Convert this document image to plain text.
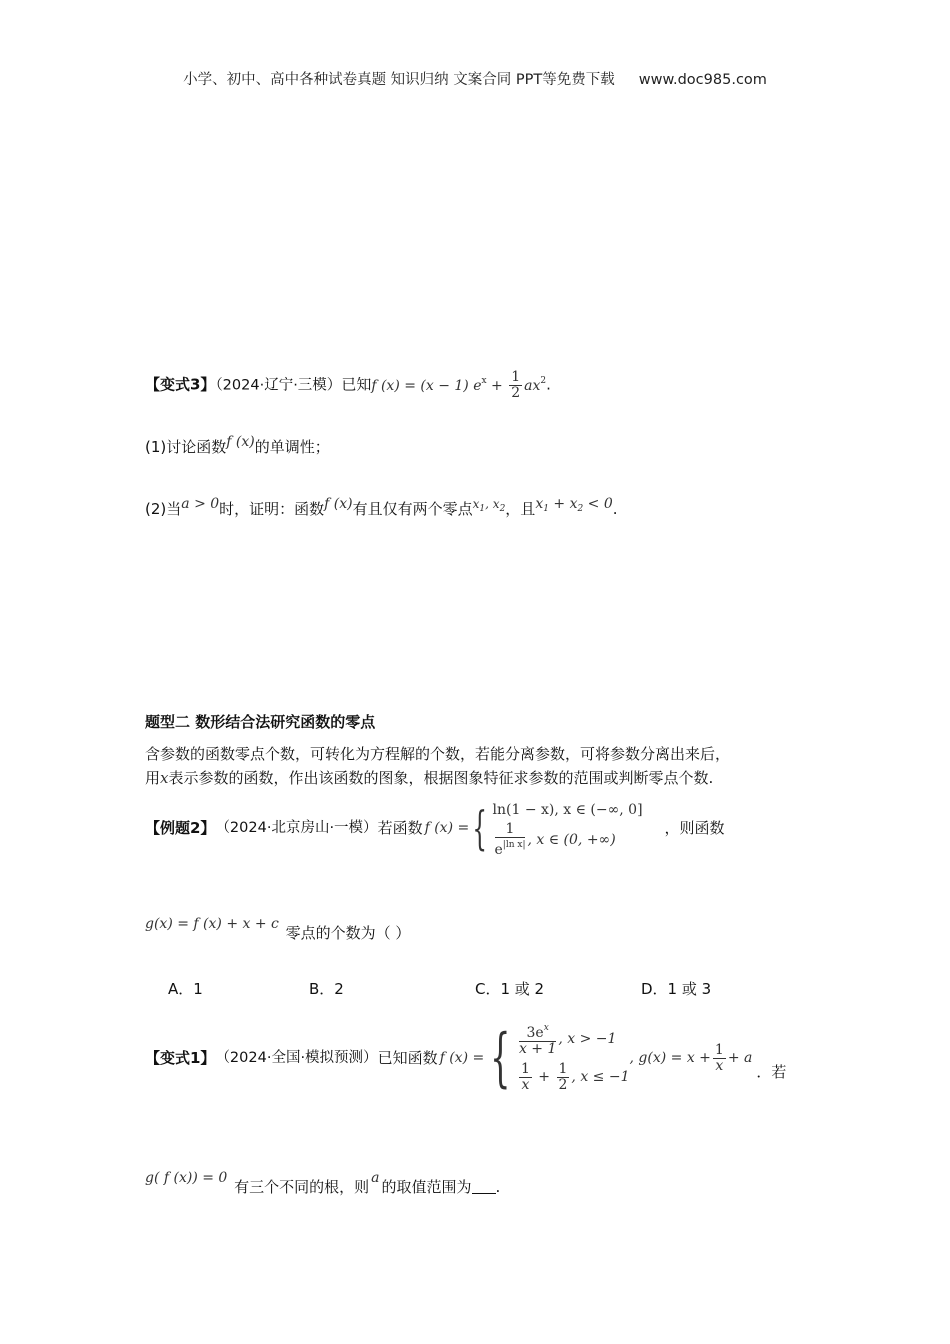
小学、初中、高中各种试卷真题 知识归纳 文案合同 PPT等免费下载 www.doc985.com
【变式3】（2024·辽宁·三模）已知f (x) = (x − 1) $e^x + \frac{1}{2} ax^2$.
(1)讨论函数f (x)的单调性；
(2)当a > 0时，证明：函数f (x)有且仅有两个零点$^{x_1, x_2}$，且$x_1 + x_2 < 0$.
题型二 数形结合法研究函数的零点
含参数的函数零点个数，可转化为方程解的个数，若能分离参数，可将参数分离出来后，
用x表示参数的函数，作出该函数的图象，根据图象特征求参数的范围或判断零点个数.
【例题2】 （2024·北京房山·一模） 若函数 f (x) = { ln(1 − x), x ∈ (−∞, 0]
$\frac{1}{e^{|ln x|}}$ , x ∈ (0, +∞)
，则函数
g(x) = f (x) + x + c 零点的个数为（ ）
A．1	B．2	C．1 或 2	D．1 或 3
【变式1】 （2024·全国·模拟预测） 已知函数 f (x) = { $\frac{3e^x}{x + 1}$ , x > −1
$\frac{1}{x} + \frac{1}{2}$ , x ≤ −1
, $g(x) = x + \frac{1}{x} + a$
．若
g( f (x)) = 0 有三个不同的根，则 a 的取值范围为 .
